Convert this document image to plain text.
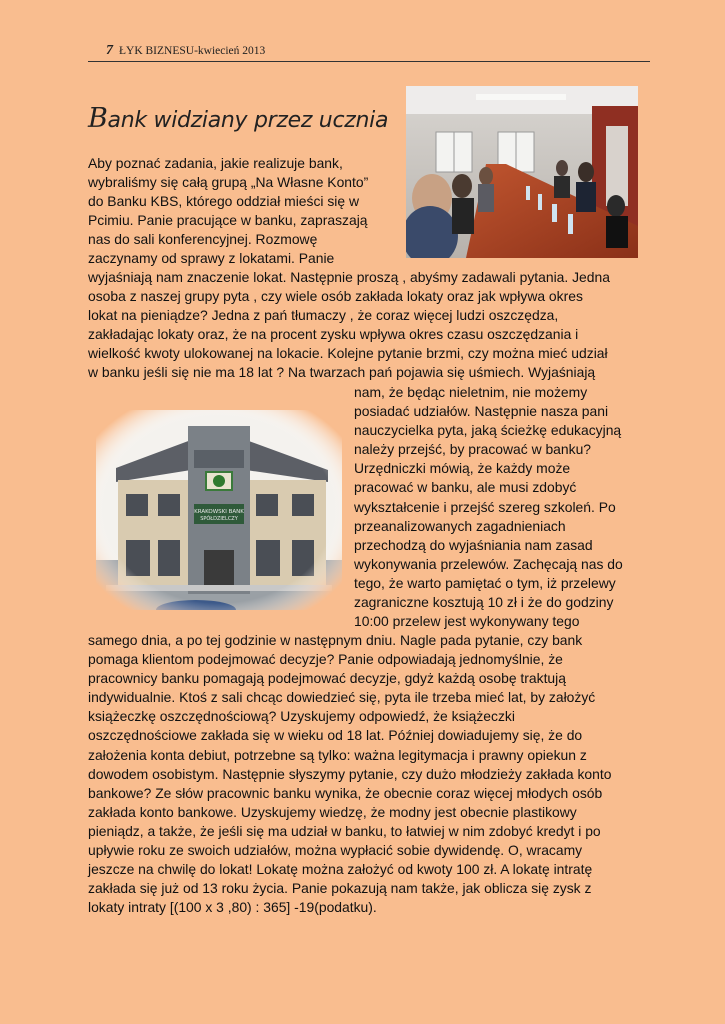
7 ŁYK BIZNESU-kwiecień 2013
Bank widziany przez ucznia

Aby poznać zadania, jakie realizuje bank,

wybraliśmy się całą grupą „Na Własne Konto”

do Banku KBS, którego oddział mieści się w

Pcimiu. Panie pracujące w banku, zapraszają

nas do sali konferencyjnej. Rozmowę

zaczynamy od sprawy z lokatami. Panie

wyjaśniają nam znaczenie lokat. Następnie proszą , abyśmy zadawali pytania. Jedna

osoba z naszej grupy pyta , czy wiele osób zakłada lokaty oraz jak wpływa okres

lokat na pieniądze? Jedna z pań tłumaczy , że coraz więcej ludzi oszczędza,

zakładając lokaty oraz, że na procent zysku wpływa okres czasu oszczędzania i

wielkość kwoty ulokowanej na lokacie. Kolejne pytanie brzmi, czy można mieć udział

w banku jeśli się nie ma 18 lat ? Na twarzach pań pojawia się uśmiech. Wyjaśniają

nam, że będąc nieletnim, nie możemy

posiadać udziałów. Następnie nasza pani

nauczycielka pyta, jaką ścieżkę edukacyjną

należy przejść, by pracować w banku?

Urzędniczki mówią, że każdy może

pracować w banku, ale musi zdobyć

wykształcenie i przejść szereg szkoleń. Po

przeanalizowanych zagadnieniach

przechodzą do wyjaśniania nam zasad

wykonywania przelewów. Zachęcają nas do

tego, że warto pamiętać o tym, iż przelewy

zagraniczne kosztują 10 zł i że do godziny

10:00 przelew jest wykonywany tego

samego dnia, a po tej godzinie w następnym dniu. Nagle pada pytanie, czy bank

pomaga klientom podejmować decyzje? Panie odpowiadają jednomyślnie, że

pracownicy banku pomagają podejmować decyzje, gdyż każdą osobę traktują

indywidualnie. Ktoś z sali chcąc dowiedzieć się, pyta ile trzeba mieć lat, by założyć

książeczkę oszczędnościową? Uzyskujemy odpowiedź, że książeczki

oszczędnościowe zakłada się w wieku od 18 lat. Później dowiadujemy się, że do

założenia konta debiut, potrzebne są tylko: ważna legitymacja i prawny opiekun z

dowodem osobistym. Następnie słyszymy pytanie, czy dużo młodzieży zakłada konto

bankowe? Ze słów pracownic banku wynika, że obecnie coraz więcej młodych osób

zakłada konto bankowe. Uzyskujemy wiedzę, że modny jest obecnie plastikowy

pieniądz, a także, że jeśli się ma udział w banku, to łatwiej w nim zdobyć kredyt i po

upływie roku ze swoich udziałów, można wypłacić sobie dywidendę. O, wracamy

jeszcze na chwilę do lokat! Lokatę można założyć od kwoty 100 zł. A lokatę intratę

zakłada się już od 13 roku życia. Panie pokazują nam także, jak oblicza się zysk z

lokaty intraty [(100 x 3 ,80) : 365] -19(podatku).
